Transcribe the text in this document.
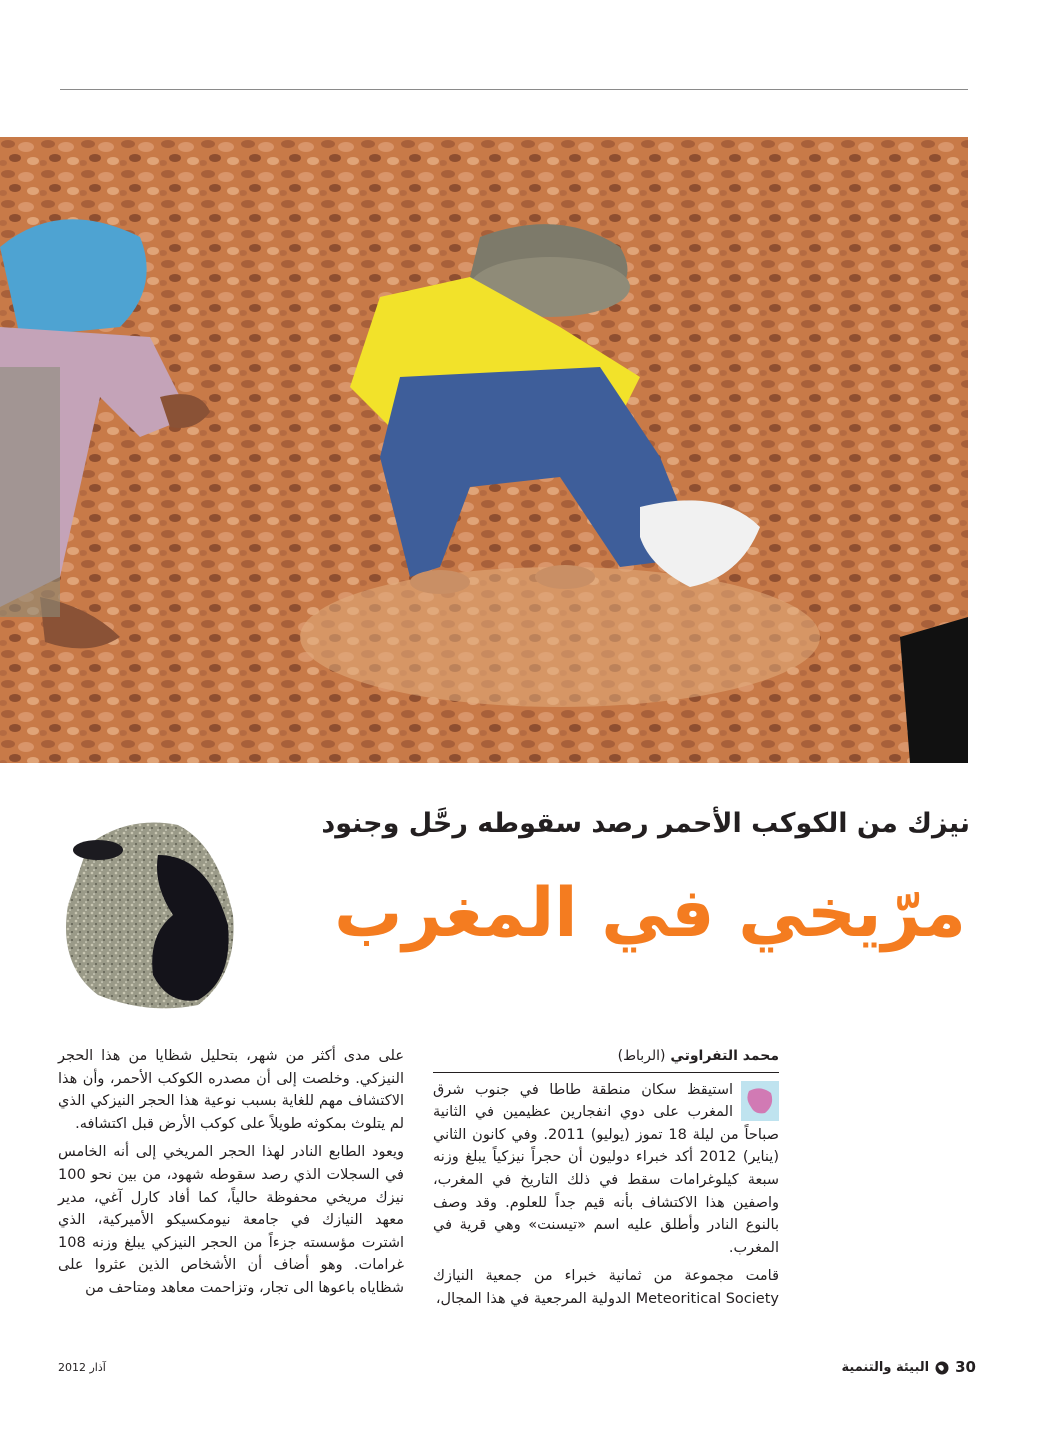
نيزك من الكوكب الأحمر رصد سقوطه رحَّل وجنود
مرّيخي في المغرب
محمد التفراوتي (الرباط)

استيقظ سكان منطقة طاطا في جنوب شرق المغرب على دوي انفجارين عظيمين في الثانية صباحاً من ليلة 18 تموز (يوليو) 2011. وفي كانون الثاني (يناير) 2012 أكد خبراء دوليون أن حجراً نيزكياً يبلغ وزنه سبعة كيلوغرامات سقط في ذلك التاريخ في المغرب، واصفين هذا الاكتشاف بأنه قيم جداً للعلوم. وقد وصف بالنوع النادر وأطلق عليه اسم «تيسنت» وهي قرية في المغرب.

قامت مجموعة من ثمانية خبراء من جمعية النيازك Meteoritical Society الدولية المرجعية في هذا المجال،

على مدى أكثر من شهر، بتحليل شظايا من هذا الحجر النيزكي. وخلصت إلى أن مصدره الكوكب الأحمر، وأن هذا الاكتشاف مهم للغاية بسبب نوعية هذا الحجر النيزكي الذي لم يتلوث بمكوثه طويلاً على كوكب الأرض قبل اكتشافه.

ويعود الطابع النادر لهذا الحجر المريخي إلى أنه الخامس في السجلات الذي رصد سقوطه شهود، من بين نحو 100 نيزك مريخي محفوظة حالياً، كما أفاد كارل آغي، مدير معهد النيازك في جامعة نيومكسيكو الأميركية، الذي اشترت مؤسسته جزءاً من الحجر النيزكي يبلغ وزنه 108 غرامات. وهو أضاف أن الأشخاص الذين عثروا على شظاياه باعوها الى تجار، وتزاحمت معاهد ومتاحف من

30
البيئة والتنمية
آذار 2012
